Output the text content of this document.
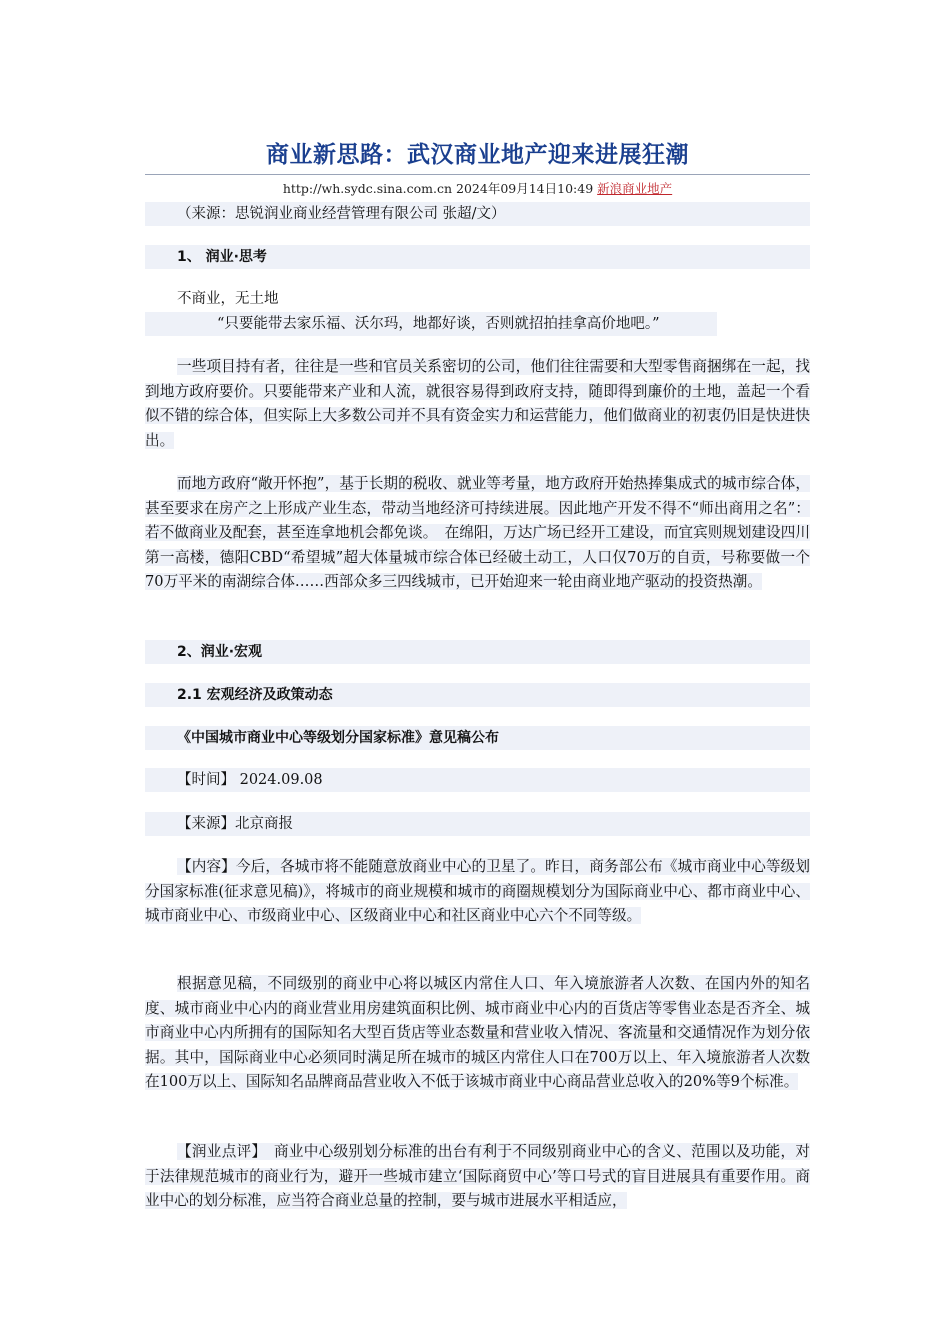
商业新思路：武汉商业地产迎来进展狂潮
http://wh.sydc.sina.com.cn 2024年09月14日10:49 新浪商业地产
（来源：思锐润业商业经营管理有限公司 张超/文）
1、 润业·思考
不商业，无土地
“只要能带去家乐福、沃尔玛，地都好谈，否则就招拍挂拿高价地吧。”
一些项目持有者，往往是一些和官员关系密切的公司，他们往往需要和大型零售商捆绑在一起，找到地方政府要价。只要能带来产业和人流，就很容易得到政府支持，随即得到廉价的土地，盖起一个看似不错的综合体，但实际上大多数公司并不具有资金实力和运营能力，他们做商业的初衷仍旧是快进快出。
而地方政府“敞开怀抱”，基于长期的税收、就业等考量，地方政府开始热捧集成式的城市综合体，甚至要求在房产之上形成产业生态，带动当地经济可持续进展。因此地产开发不得不“师出商用之名”：若不做商业及配套，甚至连拿地机会都免谈。　在绵阳，万达广场已经开工建设，而宜宾则规划建设四川第一高楼，德阳CBD“希望城”超大体量城市综合体已经破土动工，人口仅70万的自贡，号称要做一个70万平米的南湖综合体……西部众多三四线城市，已开始迎来一轮由商业地产驱动的投资热潮。
2、润业·宏观
2.1 宏观经济及政策动态
《中国城市商业中心等级划分国家标准》意见稿公布
【时间】 2024.09.08
【来源】北京商报
【内容】今后，各城市将不能随意放商业中心的卫星了。昨日，商务部公布《城市商业中心等级划分国家标准(征求意见稿)》，将城市的商业规模和城市的商圈规模划分为国际商业中心、都市商业中心、城市商业中心、市级商业中心、区级商业中心和社区商业中心六个不同等级。
根据意见稿，不同级别的商业中心将以城区内常住人口、年入境旅游者人次数、在国内外的知名度、城市商业中心内的商业营业用房建筑面积比例、城市商业中心内的百货店等零售业态是否齐全、城市商业中心内所拥有的国际知名大型百货店等业态数量和营业收入情况、客流量和交通情况作为划分依据。其中，国际商业中心必须同时满足所在城市的城区内常住人口在700万以上、年入境旅游者人次数在100万以上、国际知名品牌商品营业收入不低于该城市商业中心商品营业总收入的20%等9个标准。
【润业点评】　商业中心级别划分标准的出台有利于不同级别商业中心的含义、范围以及功能，对于法律规范城市的商业行为，避开一些城市建立‘国际商贸中心’等口号式的盲目进展具有重要作用。商业中心的划分标准，应当符合商业总量的控制，要与城市进展水平相适应，
